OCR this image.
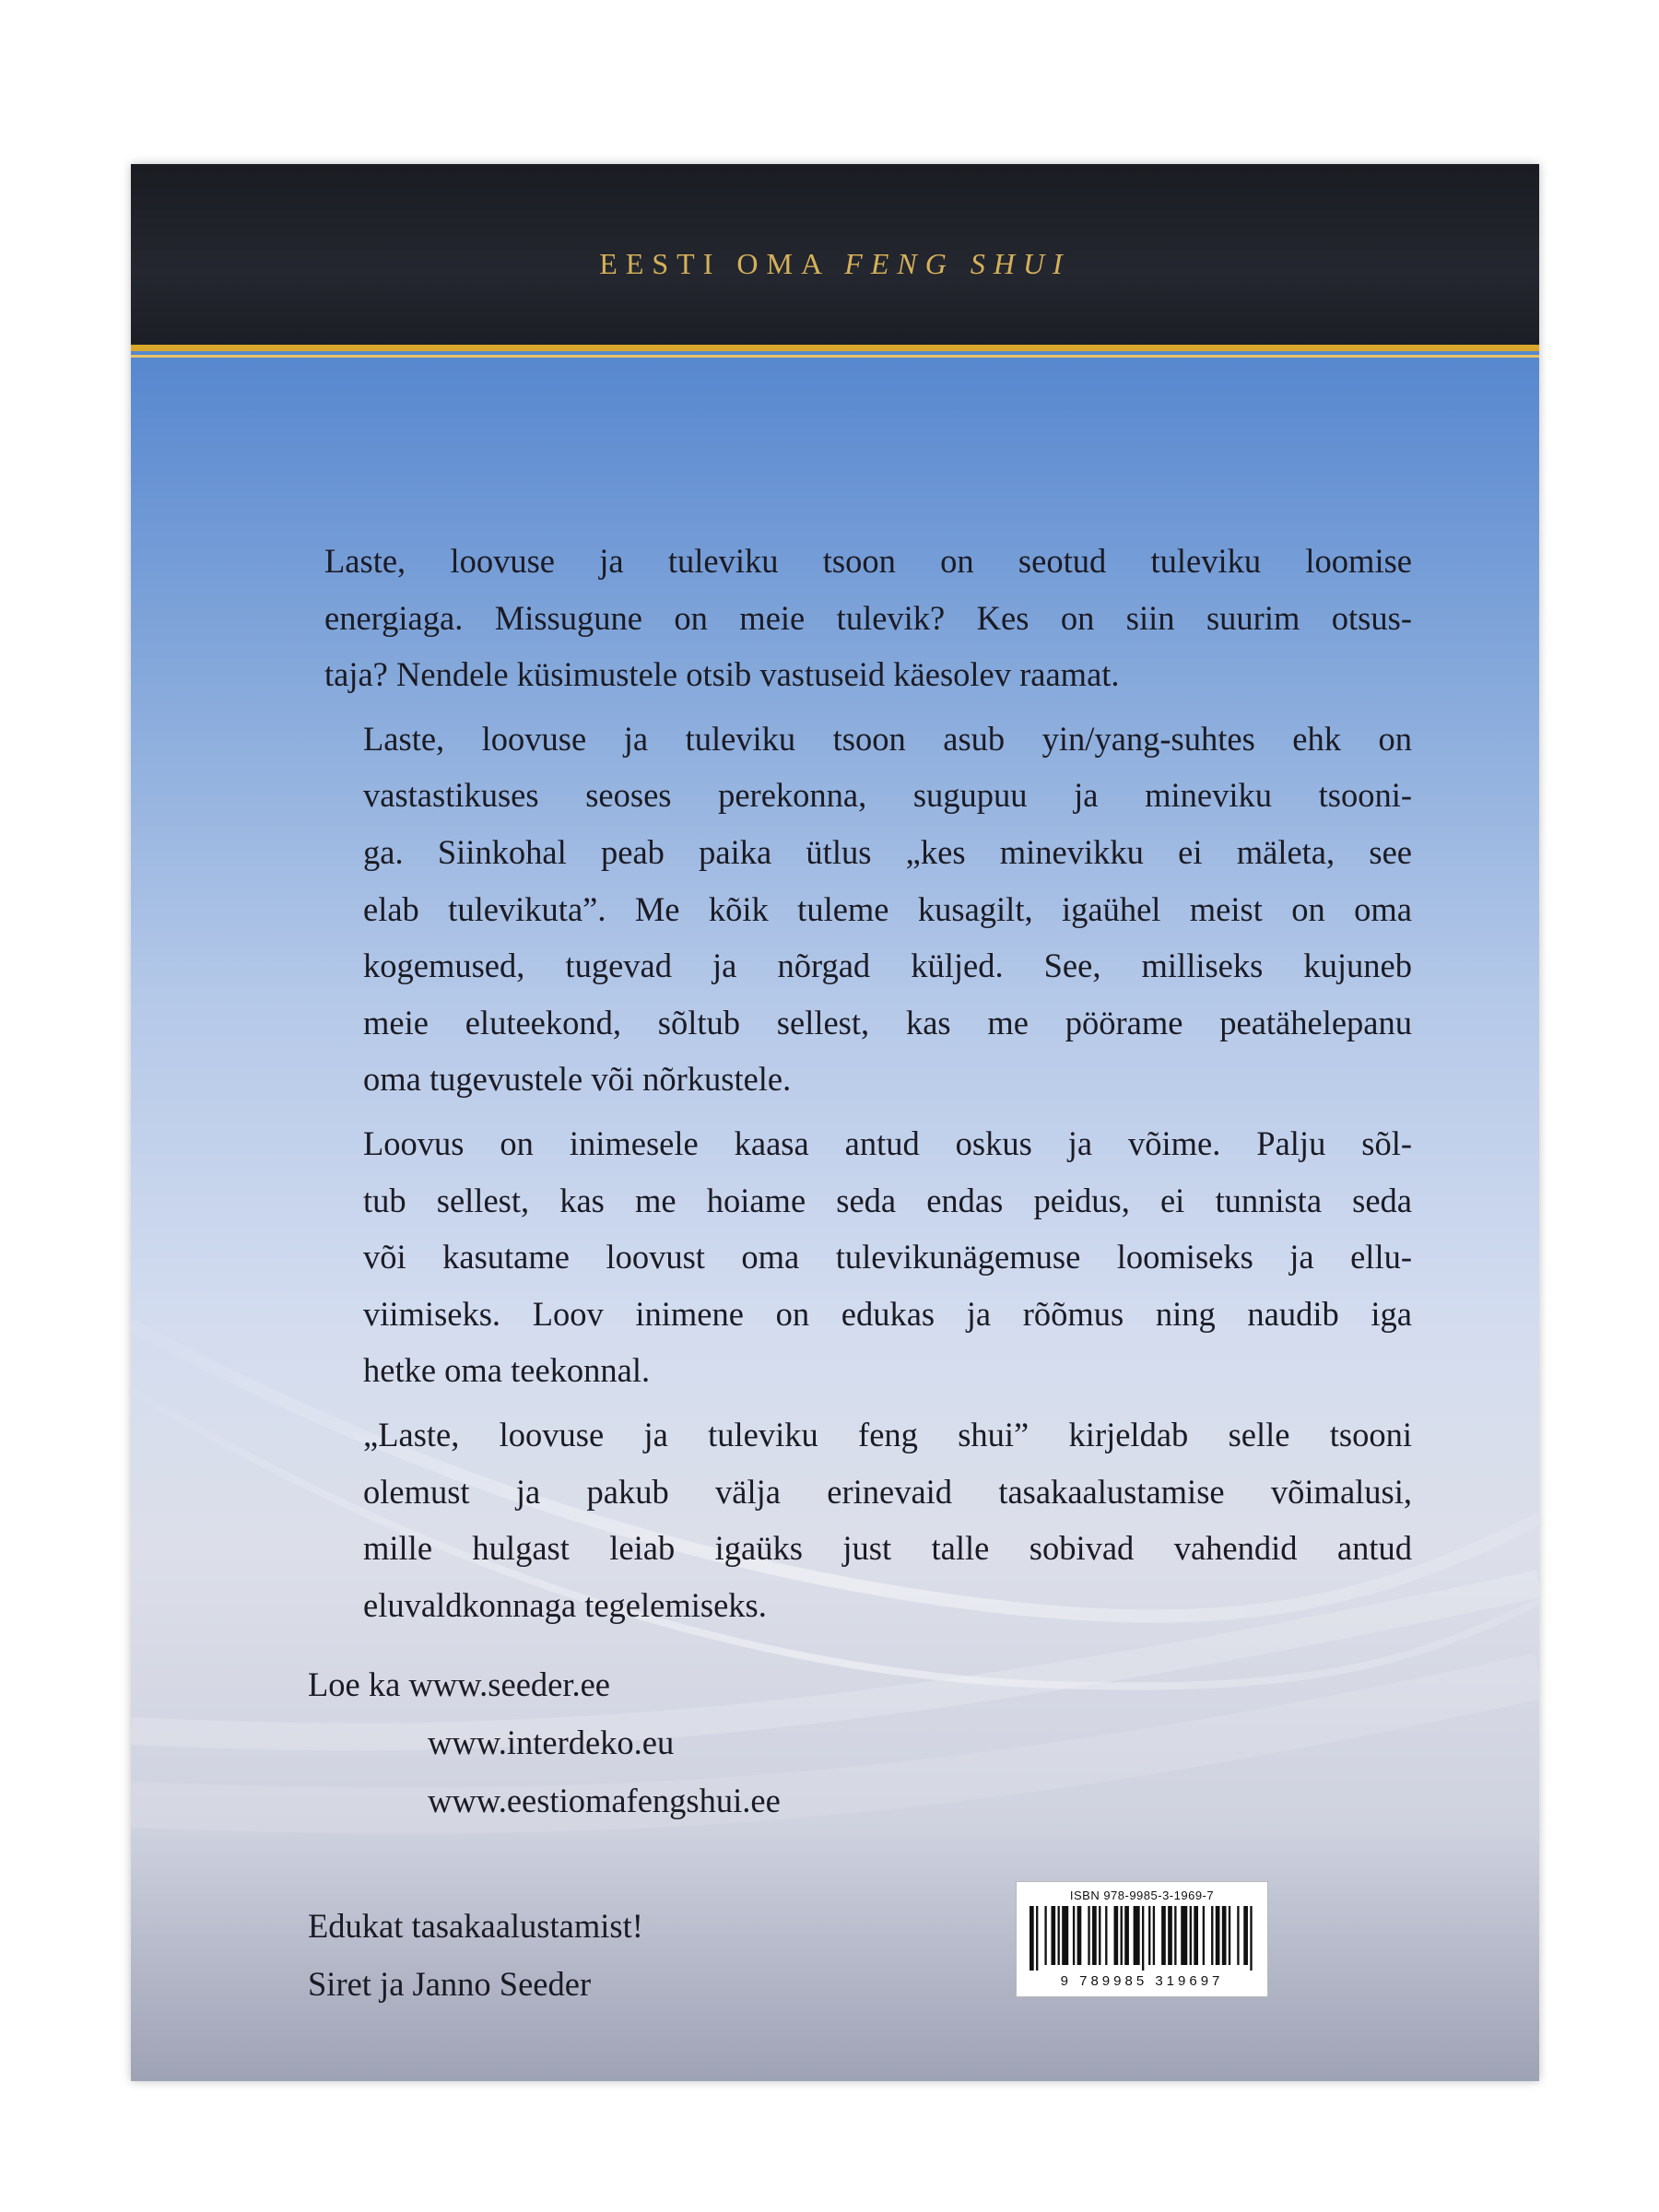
EESTI OMA FENG SHUI

Laste, loovuse ja tuleviku tsoon on seotud tuleviku loomise
energiaga. Missugune on meie tulevik? Kes on siin suurim otsus-
taja? Nendele küsimustele otsib vastuseid käesolev raamat.

Laste, loovuse ja tuleviku tsoon asub yin/yang-suhtes ehk on
vastastikuses seoses perekonna, sugupuu ja mineviku tsooni-
ga. Siinkohal peab paika ütlus „kes minevikku ei mäleta, see
elab tulevikuta”. Me kõik tuleme kusagilt, igaühel meist on oma
kogemused, tugevad ja nõrgad küljed. See, milliseks kujuneb
meie eluteekond, sõltub sellest, kas me pöörame peatähelepanu
oma tugevustele või nõrkustele.

Loovus on inimesele kaasa antud oskus ja võime. Palju sõl-
tub sellest, kas me hoiame seda endas peidus, ei tunnista seda
või kasutame loovust oma tulevikunägemuse loomiseks ja ellu-
viimiseks. Loov inimene on edukas ja rõõmus ning naudib iga
hetke oma teekonnal.

„Laste, loovuse ja tuleviku feng shui” kirjeldab selle tsooni
olemust ja pakub välja erinevaid tasakaalustamise võimalusi,
mille hulgast leiab igaüks just talle sobivad vahendid antud
eluvaldkonnaga tegelemiseks.

Loe ka www.seeder.ee
www.interdeko.eu
www.eestiomafengshui.ee
Edukat tasakaalustamist!
Siret ja Janno Seeder
ISBN 978-9985-3-1969-7
9 789985 319697
